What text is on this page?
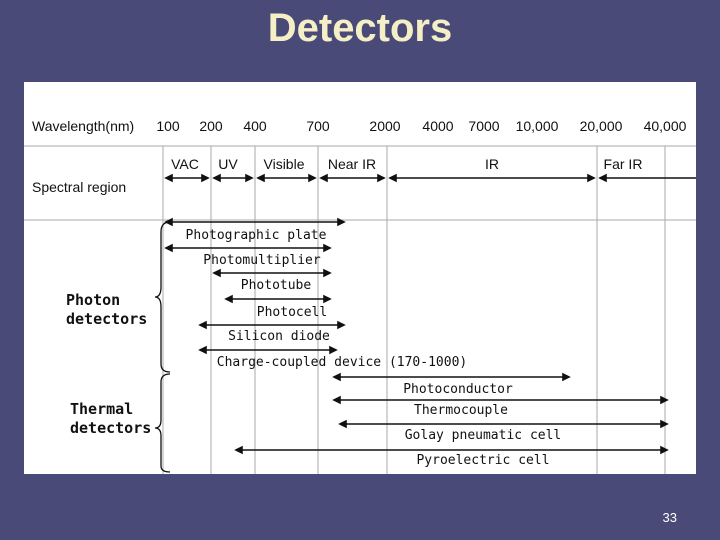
Detectors
Wavelength(nm) 100 200 400	700	2000 4000 7000 10,000 20,000 40,000
Spectral region
VAC UV Visible Near IR	IR	Far IR
Photographic plate
Photomultiplier
Phototube
Photocell
Silicon diode
Charge-coupled device (170-1000)
Photoconductor
Thermocouple
Golay pneumatic cell
Pyroelectric cell
Photon detectors
Thermal detectors
33
